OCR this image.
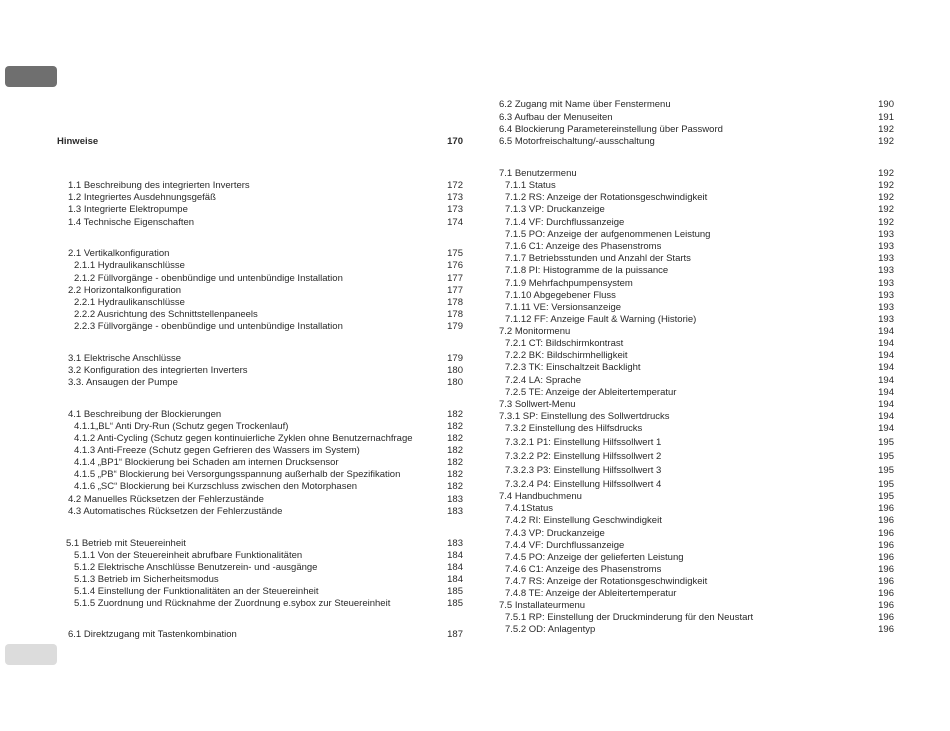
Hinweise	170
1.1 Beschreibung des integrierten Inverters	172
1.2 Integriertes Ausdehnungsgefäß	173
1.3 Integrierte Elektropumpe	173
1.4 Technische Eigenschaften	174
2.1 Vertikalkonfiguration	175
2.1.1 Hydraulikanschlüsse	176
2.1.2 Füllvorgänge - obenbündige und untenbündige Installation	177
2.2 Horizontalkonfiguration	177
2.2.1 Hydraulikanschlüsse	178
2.2.2 Ausrichtung des Schnittstellenpaneels	178
2.2.3 Füllvorgänge - obenbündige und untenbündige Installation	179
3.1 Elektrische Anschlüsse	179
3.2 Konfiguration des integrierten Inverters	180
3.3. Ansaugen der Pumpe	180
4.1 Beschreibung der Blockierungen	182
4.1.1„BL“ Anti Dry-Run (Schutz gegen Trockenlauf)	182
4.1.2 Anti-Cycling (Schutz gegen kontinuierliche Zyklen ohne Benutzernachfrage	182
4.1.3 Anti-Freeze (Schutz gegen Gefrieren des Wassers im System)	182
4.1.4 „BP1“ Blockierung bei Schaden am internen Drucksensor	182
4.1.5 „PB“ Blockierung bei Versorgungsspannung außerhalb der Spezifikation	182
4.1.6 „SC“ Blockierung bei Kurzschluss zwischen den Motorphasen	182
4.2 Manuelles Rücksetzen der Fehlerzustände	183
4.3 Automatisches Rücksetzen der Fehlerzustände	183
5.1 Betrieb mit Steuereinheit	183
5.1.1 Von der Steuereinheit abrufbare Funktionalitäten	184
5.1.2 Elektrische Anschlüsse Benutzerein- und -ausgänge	184
5.1.3 Betrieb im Sicherheitsmodus	184
5.1.4 Einstellung der Funktionalitäten an der Steuereinheit	185
5.1.5 Zuordnung und Rücknahme der Zuordnung e.sybox zur Steuereinheit	185
6.1 Direktzugang mit Tastenkombination	187
6.2 Zugang mit Name über Fenstermenu	190
6.3 Aufbau der Menuseiten	191
6.4 Blockierung Parametereinstellung über Password	192
6.5 Motorfreischaltung/-ausschaltung	192
7.1 Benutzermenu	192
7.1.1 Status	192
7.1.2 RS: Anzeige der Rotationsgeschwindigkeit	192
7.1.3 VP: Druckanzeige	192
7.1.4 VF: Durchflussanzeige	192
7.1.5 PO: Anzeige der aufgenommenen Leistung	193
7.1.6 C1: Anzeige des Phasenstroms	193
7.1.7 Betriebsstunden und Anzahl der Starts	193
7.1.8 PI: Histogramme de la puissance	193
7.1.9 Mehrfachpumpensystem	193
7.1.10 Abgegebener Fluss	193
7.1.11 VE: Versionsanzeige	193
7.1.12 FF: Anzeige Fault & Warning (Historie)	193
7.2 Monitormenu	194
7.2.1 CT: Bildschirmkontrast	194
7.2.2 BK: Bildschirmhelligkeit	194
7.2.3 TK: Einschaltzeit Backlight	194
7.2.4 LA: Sprache	194
7.2.5 TE: Anzeige der Ableitertemperatur	194
7.3 Sollwert-Menu	194
7.3.1 SP: Einstellung des Sollwertdrucks	194
7.3.2 Einstellung des Hilfsdrucks	194
7.3.2.1 P1: Einstellung Hilfssollwert 1	195
7.3.2.2 P2: Einstellung Hilfssollwert 2	195
7.3.2.3 P3: Einstellung Hilfssollwert 3	195
7.3.2.4 P4: Einstellung Hilfssollwert 4	195
7.4 Handbuchmenu	195
7.4.1Status	196
7.4.2 RI: Einstellung Geschwindigkeit	196
7.4.3 VP: Druckanzeige	196
7.4.4 VF: Durchflussanzeige	196
7.4.5 PO: Anzeige der gelieferten Leistung	196
7.4.6 C1: Anzeige des Phasenstroms	196
7.4.7 RS: Anzeige der Rotationsgeschwindigkeit	196
7.4.8 TE: Anzeige der Ableitertemperatur	196
7.5 Installateurmenu	196
7.5.1 RP: Einstellung der Druckminderung für den Neustart	196
7.5.2 OD: Anlagentyp	196
